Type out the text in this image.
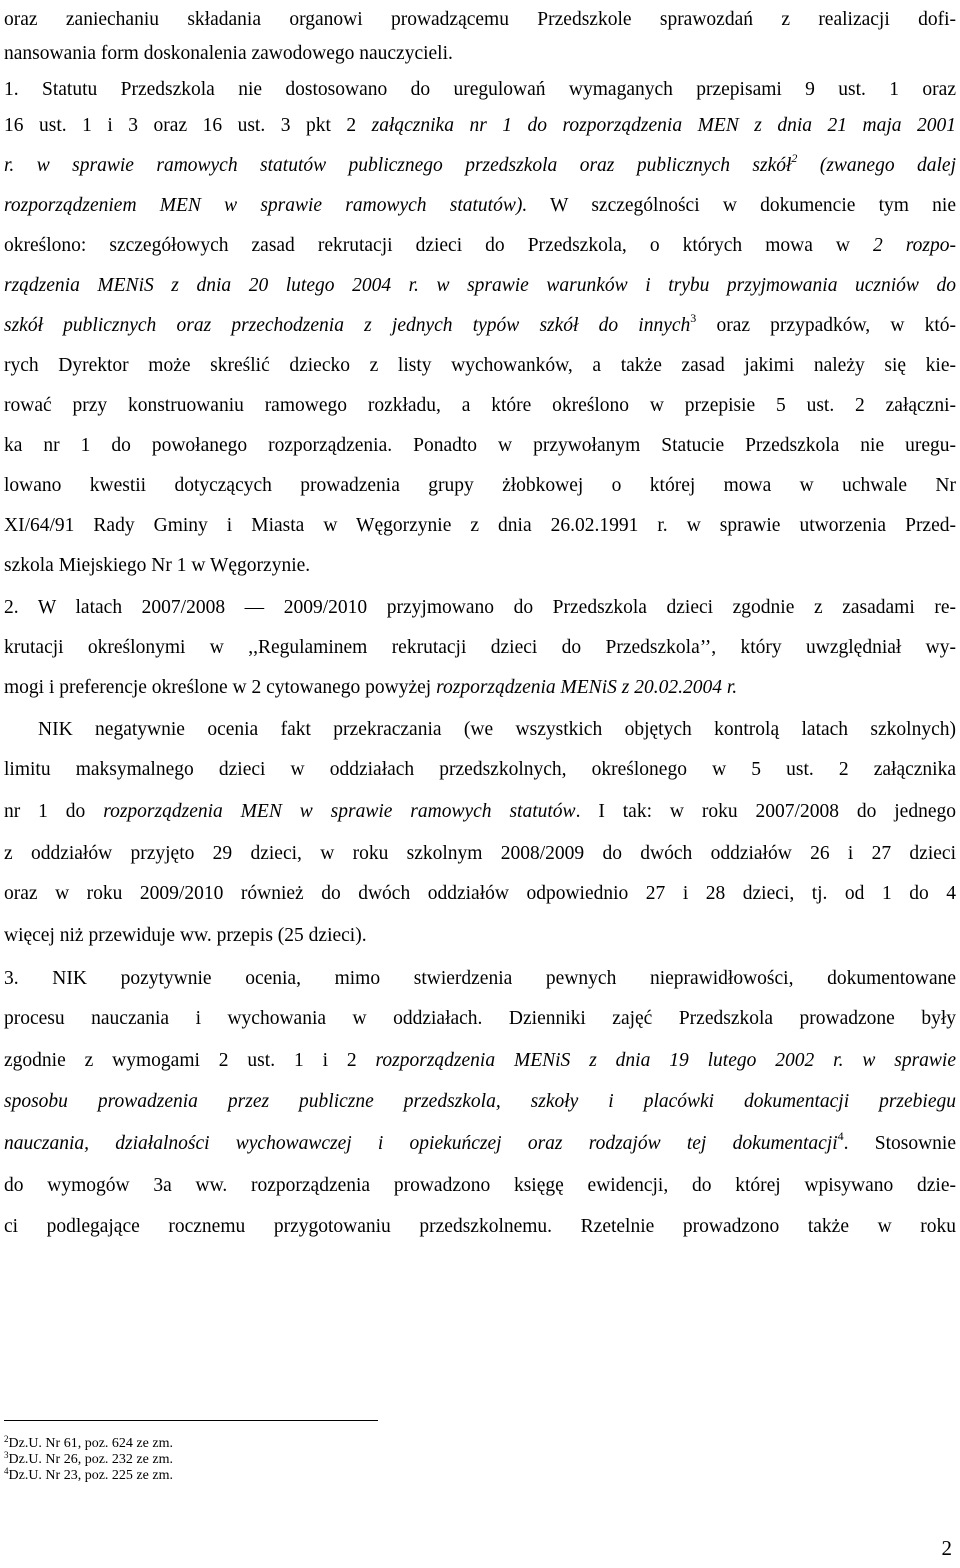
oraz zaniechaniu składania organowi prowadzącemu Przedszkole sprawozdań z realizacji dofi-
nansowania form doskonalenia zawodowego nauczycieli.
1. Statutu Przedszkola nie dostosowano do uregulowań wymaganych przepisami 9 ust. 1 oraz
16 ust. 1 i 3 oraz 16 ust. 3 pkt 2 załącznika nr 1 do rozporządzenia MEN z dnia 21 maja 2001
r. w sprawie ramowych statutów publicznego przedszkola oraz publicznych szkół$^2$ (zwanego dalej
rozporządzeniem MEN w sprawie ramowych statutów). W szczególności w dokumencie tym nie
określono: szczegółowych zasad rekrutacji dzieci do Przedszkola, o których mowa w 2 rozpo-
rządzenia MENiS z dnia 20 lutego 2004 r. w sprawie warunków i trybu przyjmowania uczniów do
szkół publicznych oraz przechodzenia z jednych typów szkół do innych$^3$ oraz przypadków, w któ-
rych Dyrektor może skreślić dziecko z listy wychowanków, a także zasad jakimi należy się kie-
rować przy konstruowaniu ramowego rozkładu, a które określono w przepisie 5 ust. 2 załączni-
ka nr 1 do powołanego rozporządzenia. Ponadto w przywołanym Statucie Przedszkola nie uregu-
lowano kwestii dotyczących prowadzenia grupy żłobkowej o której mowa w uchwale Nr
XI/64/91 Rady Gminy i Miasta w Węgorzynie z dnia 26.02.1991 r. w sprawie utworzenia Przed-
szkola Miejskiego Nr 1 w Węgorzynie.
2. W latach 2007/2008 — 2009/2010 przyjmowano do Przedszkola dzieci zgodnie z zasadami re-
krutacji określonymi w ,,Regulaminem rekrutacji dzieci do Przedszkola’’, który uwzględniał wy-
mogi i preferencje określone w 2 cytowanego powyżej rozporządzenia MENiS z 20.02.2004 r.
NIK negatywnie ocenia fakt przekraczania (we wszystkich objętych kontrolą latach szkolnych)
limitu maksymalnego dzieci w oddziałach przedszkolnych, określonego w 5 ust. 2 załącznika
nr 1 do rozporządzenia MEN w sprawie ramowych statutów. I tak: w roku 2007/2008 do jednego
z oddziałów przyjęto 29 dzieci, w roku szkolnym 2008/2009 do dwóch oddziałów 26 i 27 dzieci
oraz w roku 2009/2010 również do dwóch oddziałów odpowiednio 27 i 28 dzieci, tj. od 1 do 4
więcej niż przewiduje ww. przepis (25 dzieci).
3. NIK pozytywnie ocenia, mimo stwierdzenia pewnych nieprawidłowości, dokumentowane
procesu nauczania i wychowania w oddziałach. Dzienniki zajęć Przedszkola prowadzone były
zgodnie z wymogami 2 ust. 1 i 2 rozporządzenia MENiS z dnia 19 lutego 2002 r. w sprawie
sposobu prowadzenia przez publiczne przedszkola, szkoły i placówki dokumentacji przebiegu
nauczania, działalności wychowawczej i opiekuńczej oraz rodzajów tej dokumentacji$^4$. Stosownie
do wymogów 3a ww. rozporządzenia prowadzono księgę ewidencji, do której wpisywano dzie-
ci podlegające rocznemu przygotowaniu przedszkolnemu. Rzetelnie prowadzono także w roku
$^2$Dz.U. Nr 61, poz. 624 ze zm.
$^3$Dz.U. Nr 26, poz. 232 ze zm.
$^4$Dz.U. Nr 23, poz. 225 ze zm.
2
